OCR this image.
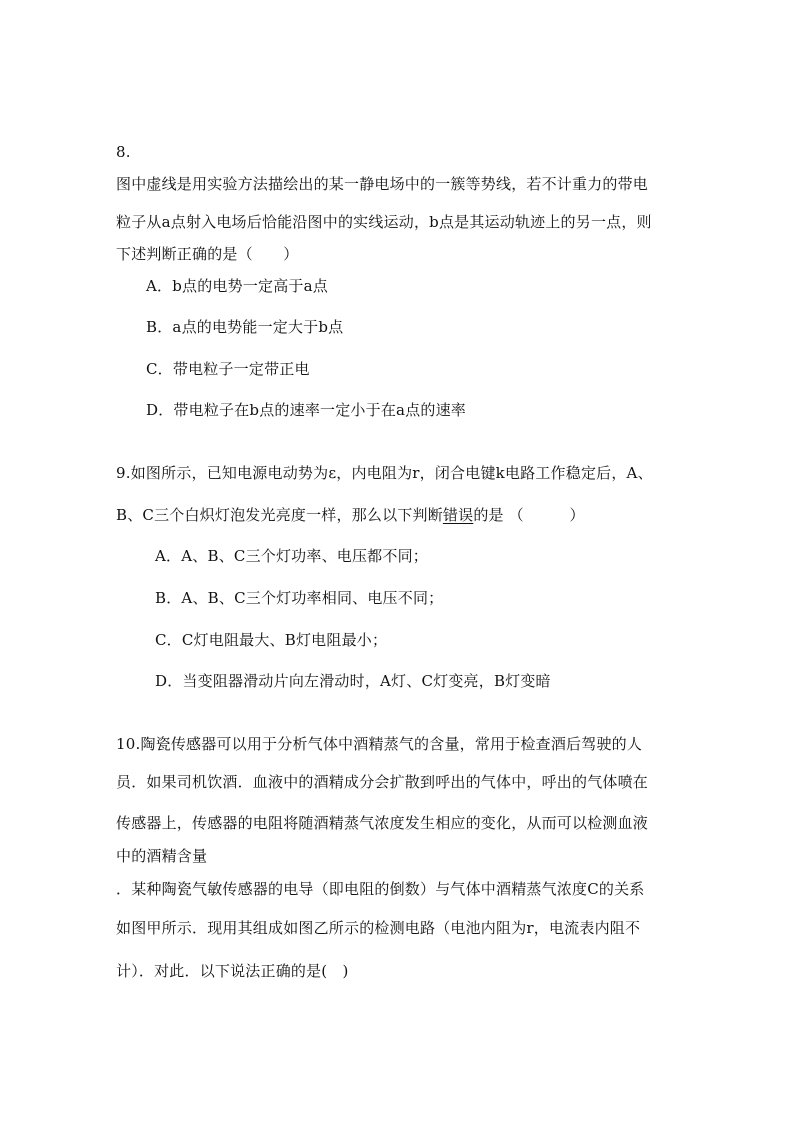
8.
图中虚线是用实验方法描绘出的某一静电场中的一簇等势线，若不计重力的带电
粒子从a点射入电场后恰能沿图中的实线运动，b点是其运动轨迹上的另一点，则
下述判断正确的是（　　）
A．b点的电势一定高于a点
B．a点的电势能一定大于b点
C．带电粒子一定带正电
D．带电粒子在b点的速率一定小于在a点的速率
9.如图所示，已知电源电动势为ε，内电阻为r，闭合电键k电路工作稳定后，A、
B、C三个白炽灯泡发光亮度一样，那么以下判断错误的是 （　　　）
A．A、B、C三个灯功率、电压都不同；
B．A、B、C三个灯功率相同、电压不同；
C．C灯电阻最大、B灯电阻最小；
D．当变阻器滑动片向左滑动时，A灯、C灯变亮，B灯变暗
10.陶瓷传感器可以用于分析气体中酒精蒸气的含量，常用于检查酒后驾驶的人
员．如果司机饮酒．血液中的酒精成分会扩散到呼出的气体中，呼出的气体喷在
传感器上，传感器的电阻将随酒精蒸气浓度发生相应的变化，从而可以检测血液
中的酒精含量
．某种陶瓷气敏传感器的电导（即电阻的倒数）与气体中酒精蒸气浓度C的关系
如图甲所示．现用其组成如图乙所示的检测电路（电池内阻为r，电流表内阻不
计）．对此．以下说法正确的是(　)
